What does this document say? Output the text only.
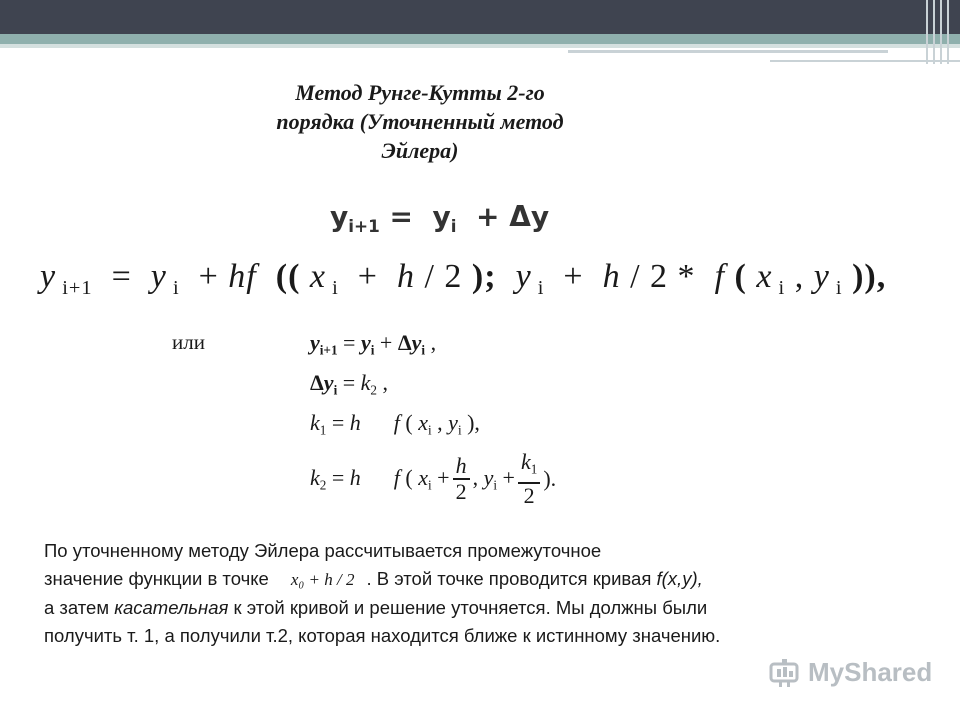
Метод Рунге-Кутты 2-го
порядка (Уточненный метод
Эйлера)
$y_{i+1} = y_i + \Delta y$
y $_{i+1}$  =  y $_i$  + hf (( x $_i$  +  h / 2 ); y $_i$  +  h / 2 *  f ( x $_i$ , y $_i$ )),
или	$y_{i+1} = y_i + \Delta y_i$ ,
$\Delta y_i = k_2$ ,
$k_1 = h$ f ( $x_i$ , $y_i$ ),
$k_2 = h$ f ( $x_i + \frac{h}{2}$ , $y_i + \frac{k_1}{2}$ ).
По уточненному методу Эйлера рассчитывается промежуточное
значение функции в точке x₀ + h / 2 . В этой точке проводится кривая f(x,y),
а затем касательная к этой кривой и решение уточняется. Мы должны были
получить т. 1, а получили т.2, которая находится ближе к истинному значению.
MyShared
